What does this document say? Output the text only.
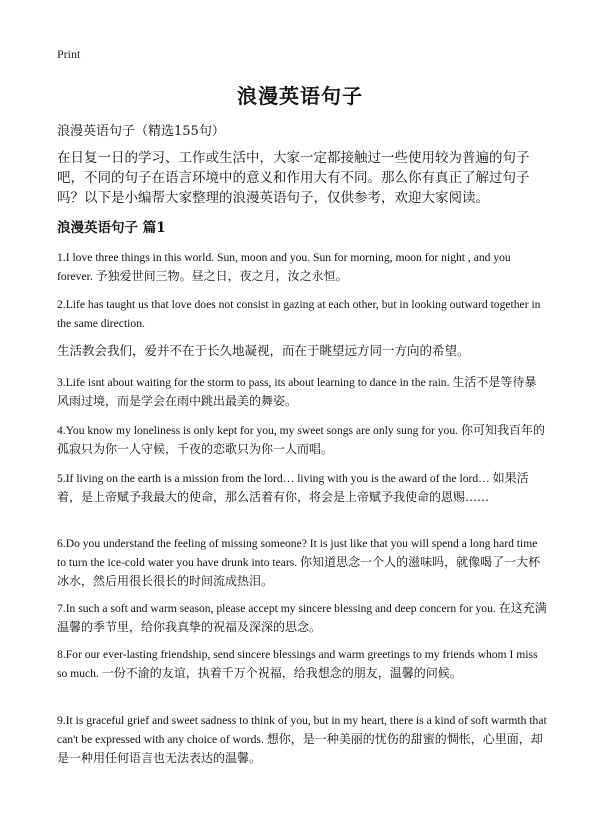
Print
浪漫英语句子
浪漫英语句子（精选155句）
在日复一日的学习、工作或生活中，大家一定都接触过一些使用较为普遍的句子吧，不同的句子在语言环境中的意义和作用大有不同。那么你有真正了解过句子吗？以下是小编帮大家整理的浪漫英语句子，仅供参考，欢迎大家阅读。
浪漫英语句子 篇1
1.I love three things in this world. Sun, moon and you. Sun for morning, moon for night , and you forever. 予独爱世间三物。昼之日，夜之月，汝之永恒。
2.Life has taught us that love does not consist in gazing at each other, but in looking outward together in the same direction.
生活教会我们，爱并不在于长久地凝视，而在于眺望远方同一方向的希望。
3.Life isnt about waiting for the storm to pass, its about learning to dance in the rain. 生活不是等待暴风雨过境，而是学会在雨中跳出最美的舞姿。
4.You know my loneliness is only kept for you, my sweet songs are only sung for you. 你可知我百年的孤寂只为你一人守候，千夜的恋歌只为你一人而唱。
5.If living on the earth is a mission from the lord… living with you is the award of the lord… 如果活着，是上帝赋予我最大的使命，那么活着有你，将会是上帝赋予我使命的恩赐……
6.Do you understand the feeling of missing someone? It is just like that you will spend a long hard time to turn the ice-cold water you have drunk into tears. 你知道思念一个人的滋味吗，就像喝了一大杯冰水，然后用很长很长的时间流成热泪。
7.In such a soft and warm season, please accept my sincere blessing and deep concern for you. 在这充满温馨的季节里，给你我真挚的祝福及深深的思念。
8.For our ever-lasting friendship, send sincere blessings and warm greetings to my friends whom I miss so much. 一份不渝的友谊，执着千万个祝福，给我想念的朋友，温馨的问候。
9.It is graceful grief and sweet sadness to think of you, but in my heart, there is a kind of soft warmth that can't be expressed with any choice of words. 想你，是一种美丽的忧伤的甜蜜的惆怅，心里面，却是一种用任何语言也无法表达的温馨。
